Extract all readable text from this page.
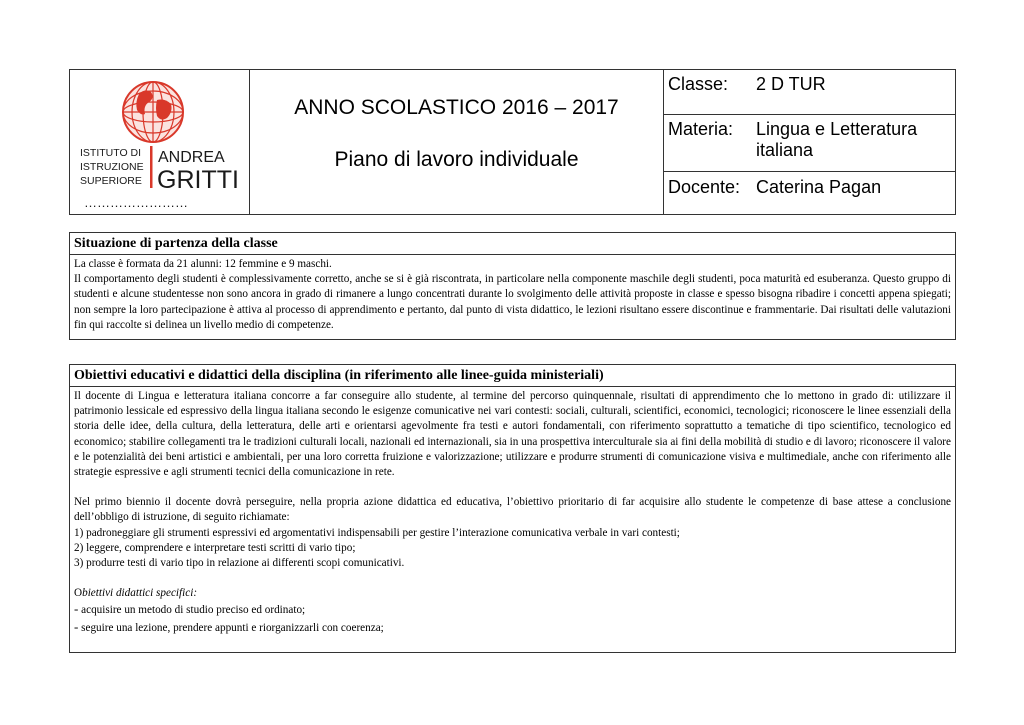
ISTITUTO DI
ISTRUZIONE
SUPERIORE
ANDREA
GRITTI
……………………
ANNO SCOLASTICO 2016 – 2017
Piano di lavoro individuale
Classe:	2 D TUR
Materia:	Lingua e Letteratura italiana
Docente: Caterina Pagan
Situazione di partenza della classe

La classe è formata da 21 alunni: 12 femmine e 9 maschi.

Il comportamento degli studenti è complessivamente corretto, anche se si è già riscontrata, in particolare nella componente maschile degli studenti, poca maturità ed esuberanza. Questo gruppo di studenti e alcune studentesse non sono ancora in grado di rimanere a lungo concentrati durante lo svolgimento delle attività proposte in classe e spesso bisogna ribadire i concetti appena spiegati; non sempre la loro partecipazione è attiva al processo di apprendimento e pertanto, dal punto di vista didattico, le lezioni risultano essere discontinue e frammentarie. Dai risultati delle valutazioni fin qui raccolte si delinea un livello medio di competenze.

Obiettivi educativi e didattici della disciplina (in riferimento alle linee-guida ministeriali)

Il docente di Lingua e letteratura italiana concorre a far conseguire allo studente, al termine del percorso quinquennale, risultati di apprendimento che lo mettono in grado di: utilizzare il patrimonio lessicale ed espressivo della lingua italiana secondo le esigenze comunicative nei vari contesti: sociali, culturali, scientifici, economici, tecnologici; riconoscere le linee essenziali della storia delle idee, della cultura, della letteratura, delle arti e orientarsi agevolmente fra testi e autori fondamentali, con riferimento soprattutto a tematiche di tipo scientifico, tecnologico ed economico; stabilire collegamenti tra le tradizioni culturali locali, nazionali ed internazionali, sia in una prospettiva interculturale sia ai fini della mobilità di studio e di lavoro; riconoscere il valore e le potenzialità dei beni artistici e ambientali, per una loro corretta fruizione e valorizzazione; utilizzare e produrre strumenti di comunicazione visiva e multimediale, anche con riferimento alle strategie espressive e agli strumenti tecnici della comunicazione in rete.

Nel primo biennio il docente dovrà perseguire, nella propria azione didattica ed educativa, l’obiettivo prioritario di far acquisire allo studente le competenze di base attese a conclusione dell’obbligo di istruzione, di seguito richiamate:

1) padroneggiare gli strumenti espressivi ed argomentativi indispensabili per gestire l’interazione comunicativa verbale in vari contesti;

2) leggere, comprendere e interpretare testi scritti di vario tipo;

3) produrre testi di vario tipo in relazione ai differenti scopi comunicativi.

Obiettivi didattici specifici:

- acquisire un metodo di studio preciso ed ordinato;

- seguire una lezione, prendere appunti e riorganizzarli con coerenza;
